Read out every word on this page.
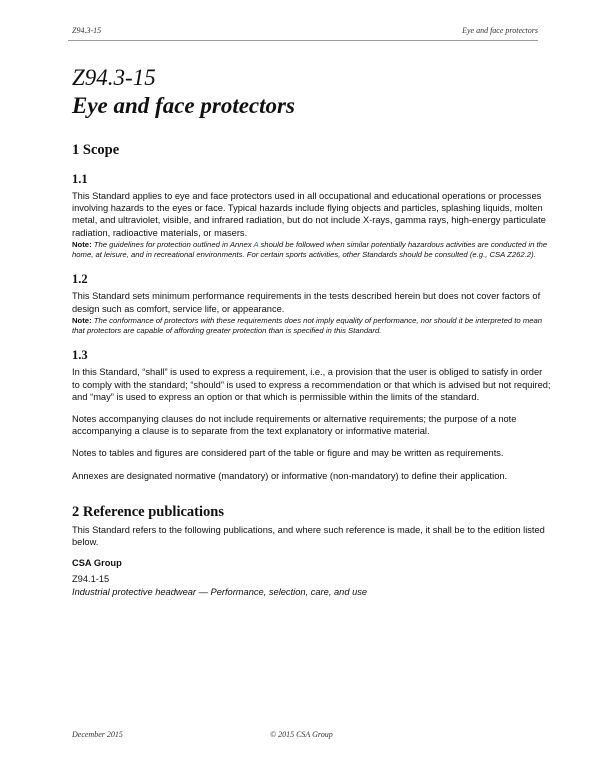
Z94.3-15	Eye and face protectors
Z94.3-15
Eye and face protectors
1 Scope
1.1

This Standard applies to eye and face protectors used in all occupational and educational operations or processes involving hazards to the eyes or face. Typical hazards include flying objects and particles, splashing liquids, molten metal, and ultraviolet, visible, and infrared radiation, but do not include X-rays, gamma rays, high-energy particulate radiation, radioactive materials, or masers.

Note: The guidelines for protection outlined in Annex A should be followed when similar potentially hazardous activities are conducted in the home, at leisure, and in recreational environments. For certain sports activities, other Standards should be consulted (e.g., CSA Z262.2).

1.2

This Standard sets minimum performance requirements in the tests described herein but does not cover factors of design such as comfort, service life, or appearance.

Note: The conformance of protectors with these requirements does not imply equality of performance, nor should it be interpreted to mean that protectors are capable of affording greater protection than is specified in this Standard.

1.3

In this Standard, “shall” is used to express a requirement, i.e., a provision that the user is obliged to satisfy in order to comply with the standard; “should” is used to express a recommendation or that which is advised but not required; and “may” is used to express an option or that which is permissible within the limits of the standard.

Notes accompanying clauses do not include requirements or alternative requirements; the purpose of a note accompanying a clause is to separate from the text explanatory or informative material.

Notes to tables and figures are considered part of the table or figure and may be written as requirements.

Annexes are designated normative (mandatory) or informative (non-mandatory) to define their application.

2 Reference publications

This Standard refers to the following publications, and where such reference is made, it shall be to the edition listed below.

CSA Group

Z94.1-15

Industrial protective headwear — Performance, selection, care, and use

December 2015	© 2015 CSA Group
